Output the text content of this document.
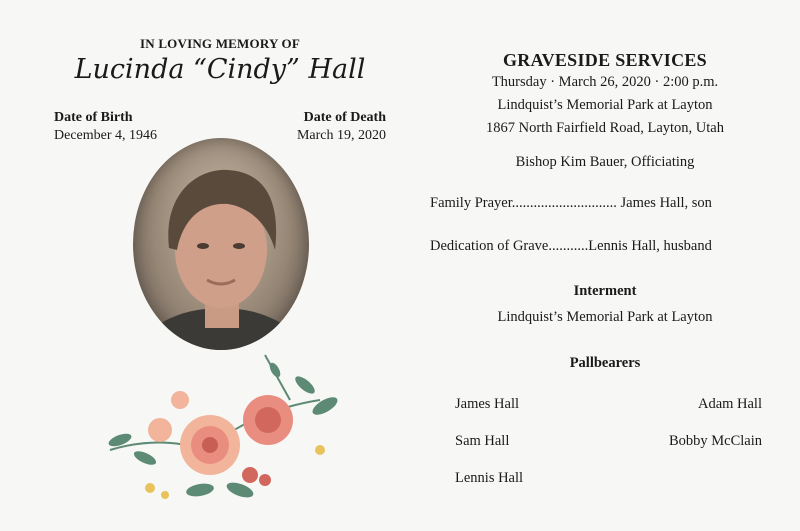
IN LOVING MEMORY OF
Lucinda “Cindy” Hall
Date of Birth
December 4, 1946
Date of Death
March 19, 2020
GRAVESIDE SERVICES
Thursday · March 26, 2020 · 2:00 p.m.
Lindquist’s Memorial Park at Layton
1867 North Fairfield Road, Layton, Utah
Bishop Kim Bauer, Officiating
Family Prayer............................. James Hall, son
Dedication of Grave...........Lennis Hall, husband
Interment
Lindquist’s Memorial Park at Layton
Pallbearers
James Hall	Adam Hall
Sam Hall	Bobby McClain
Lennis Hall
